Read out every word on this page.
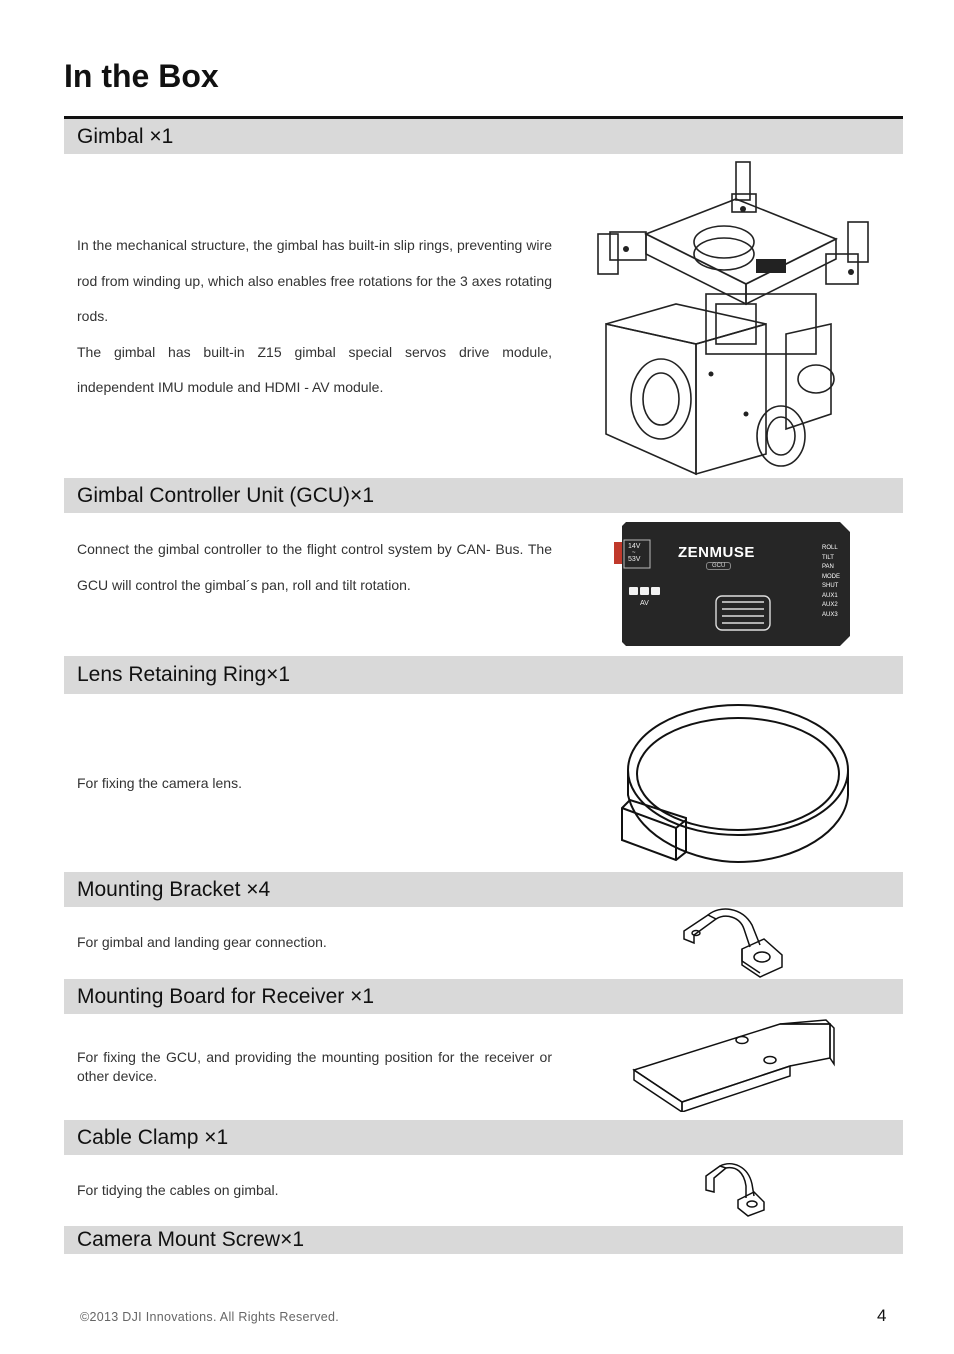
In the Box
Gimbal ×1

In the mechanical structure, the gimbal has built-in slip rings, preventing wire rod from winding up, which also enables free rotations for the 3 axes rotating rods.

The gimbal has built-in Z15 gimbal special servos drive module, independent IMU module and HDMI - AV module.

Gimbal Controller Unit (GCU)×1
Connect the gimbal controller to the flight control system by CAN- Bus. The GCU will control the gimbal´s pan, roll and tilt rotation.
14V
~
53V
AV
ZENMUSE
GCU
ROLL
TILT
PAN
MODE
SHUT
AUX1
AUX2
AUX3
Lens Retaining Ring×1
For fixing the camera lens.
Mounting Bracket ×4
For gimbal and landing gear connection.
Mounting Board for Receiver ×1
For fixing the GCU, and providing the mounting position for the receiver or other device.
Cable Clamp ×1
For tidying the cables on gimbal.
Camera Mount Screw×1
©2013 DJI Innovations. All Rights Reserved.	4
